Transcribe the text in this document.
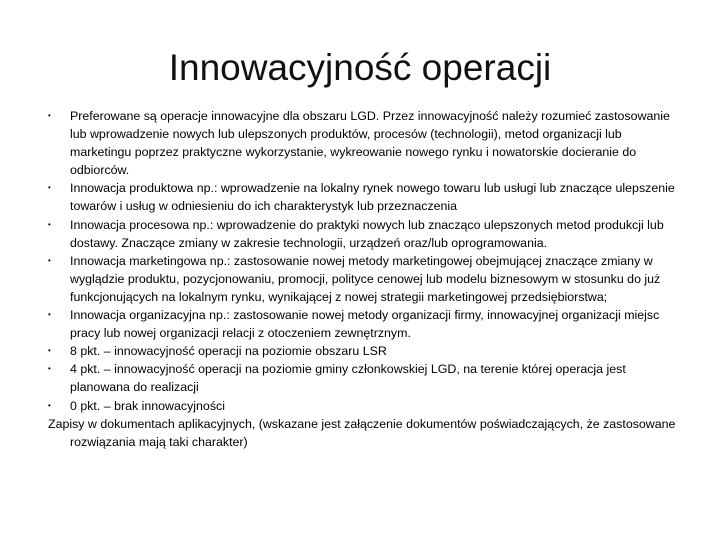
Innowacyjność operacji
•	Preferowane są operacje innowacyjne dla obszaru LGD. Przez innowacyjność należy rozumieć zastosowanie lub wprowadzenie nowych lub ulepszonych produktów, procesów (technologii), metod organizacji lub marketingu poprzez praktyczne wykorzystanie, wykreowanie nowego rynku i nowatorskie docieranie do odbiorców.
•	Innowacja produktowa np.: wprowadzenie na lokalny rynek nowego towaru lub usługi lub znaczące ulepszenie towarów i usług w odniesieniu do ich charakterystyk lub przeznaczenia
•	Innowacja procesowa np.: wprowadzenie do praktyki nowych lub znacząco ulepszonych metod produkcji lub dostawy. Znaczące zmiany w zakresie technologii, urządzeń oraz/lub oprogramowania.
•	Innowacja marketingowa np.: zastosowanie nowej metody marketingowej obejmującej znaczące zmiany w wyglądzie produktu, pozycjonowaniu, promocji, polityce cenowej lub modelu biznesowym w stosunku do już funkcjonujących na lokalnym rynku, wynikającej z nowej strategii marketingowej przedsiębiorstwa;
•	Innowacja organizacyjna np.: zastosowanie nowej metody organizacji firmy, innowacyjnej organizacji miejsc pracy lub nowej organizacji relacji z otoczeniem zewnętrznym.
•	8 pkt. – innowacyjność operacji na poziomie obszaru LSR
•	4 pkt. – innowacyjność operacji na poziomie gminy członkowskiej LGD, na terenie której operacja jest planowana do realizacji
•	0 pkt. – brak innowacyjności
Zapisy w dokumentach aplikacyjnych, (wskazane jest załączenie dokumentów poświadczających, że zastosowane rozwiązania mają taki charakter)
